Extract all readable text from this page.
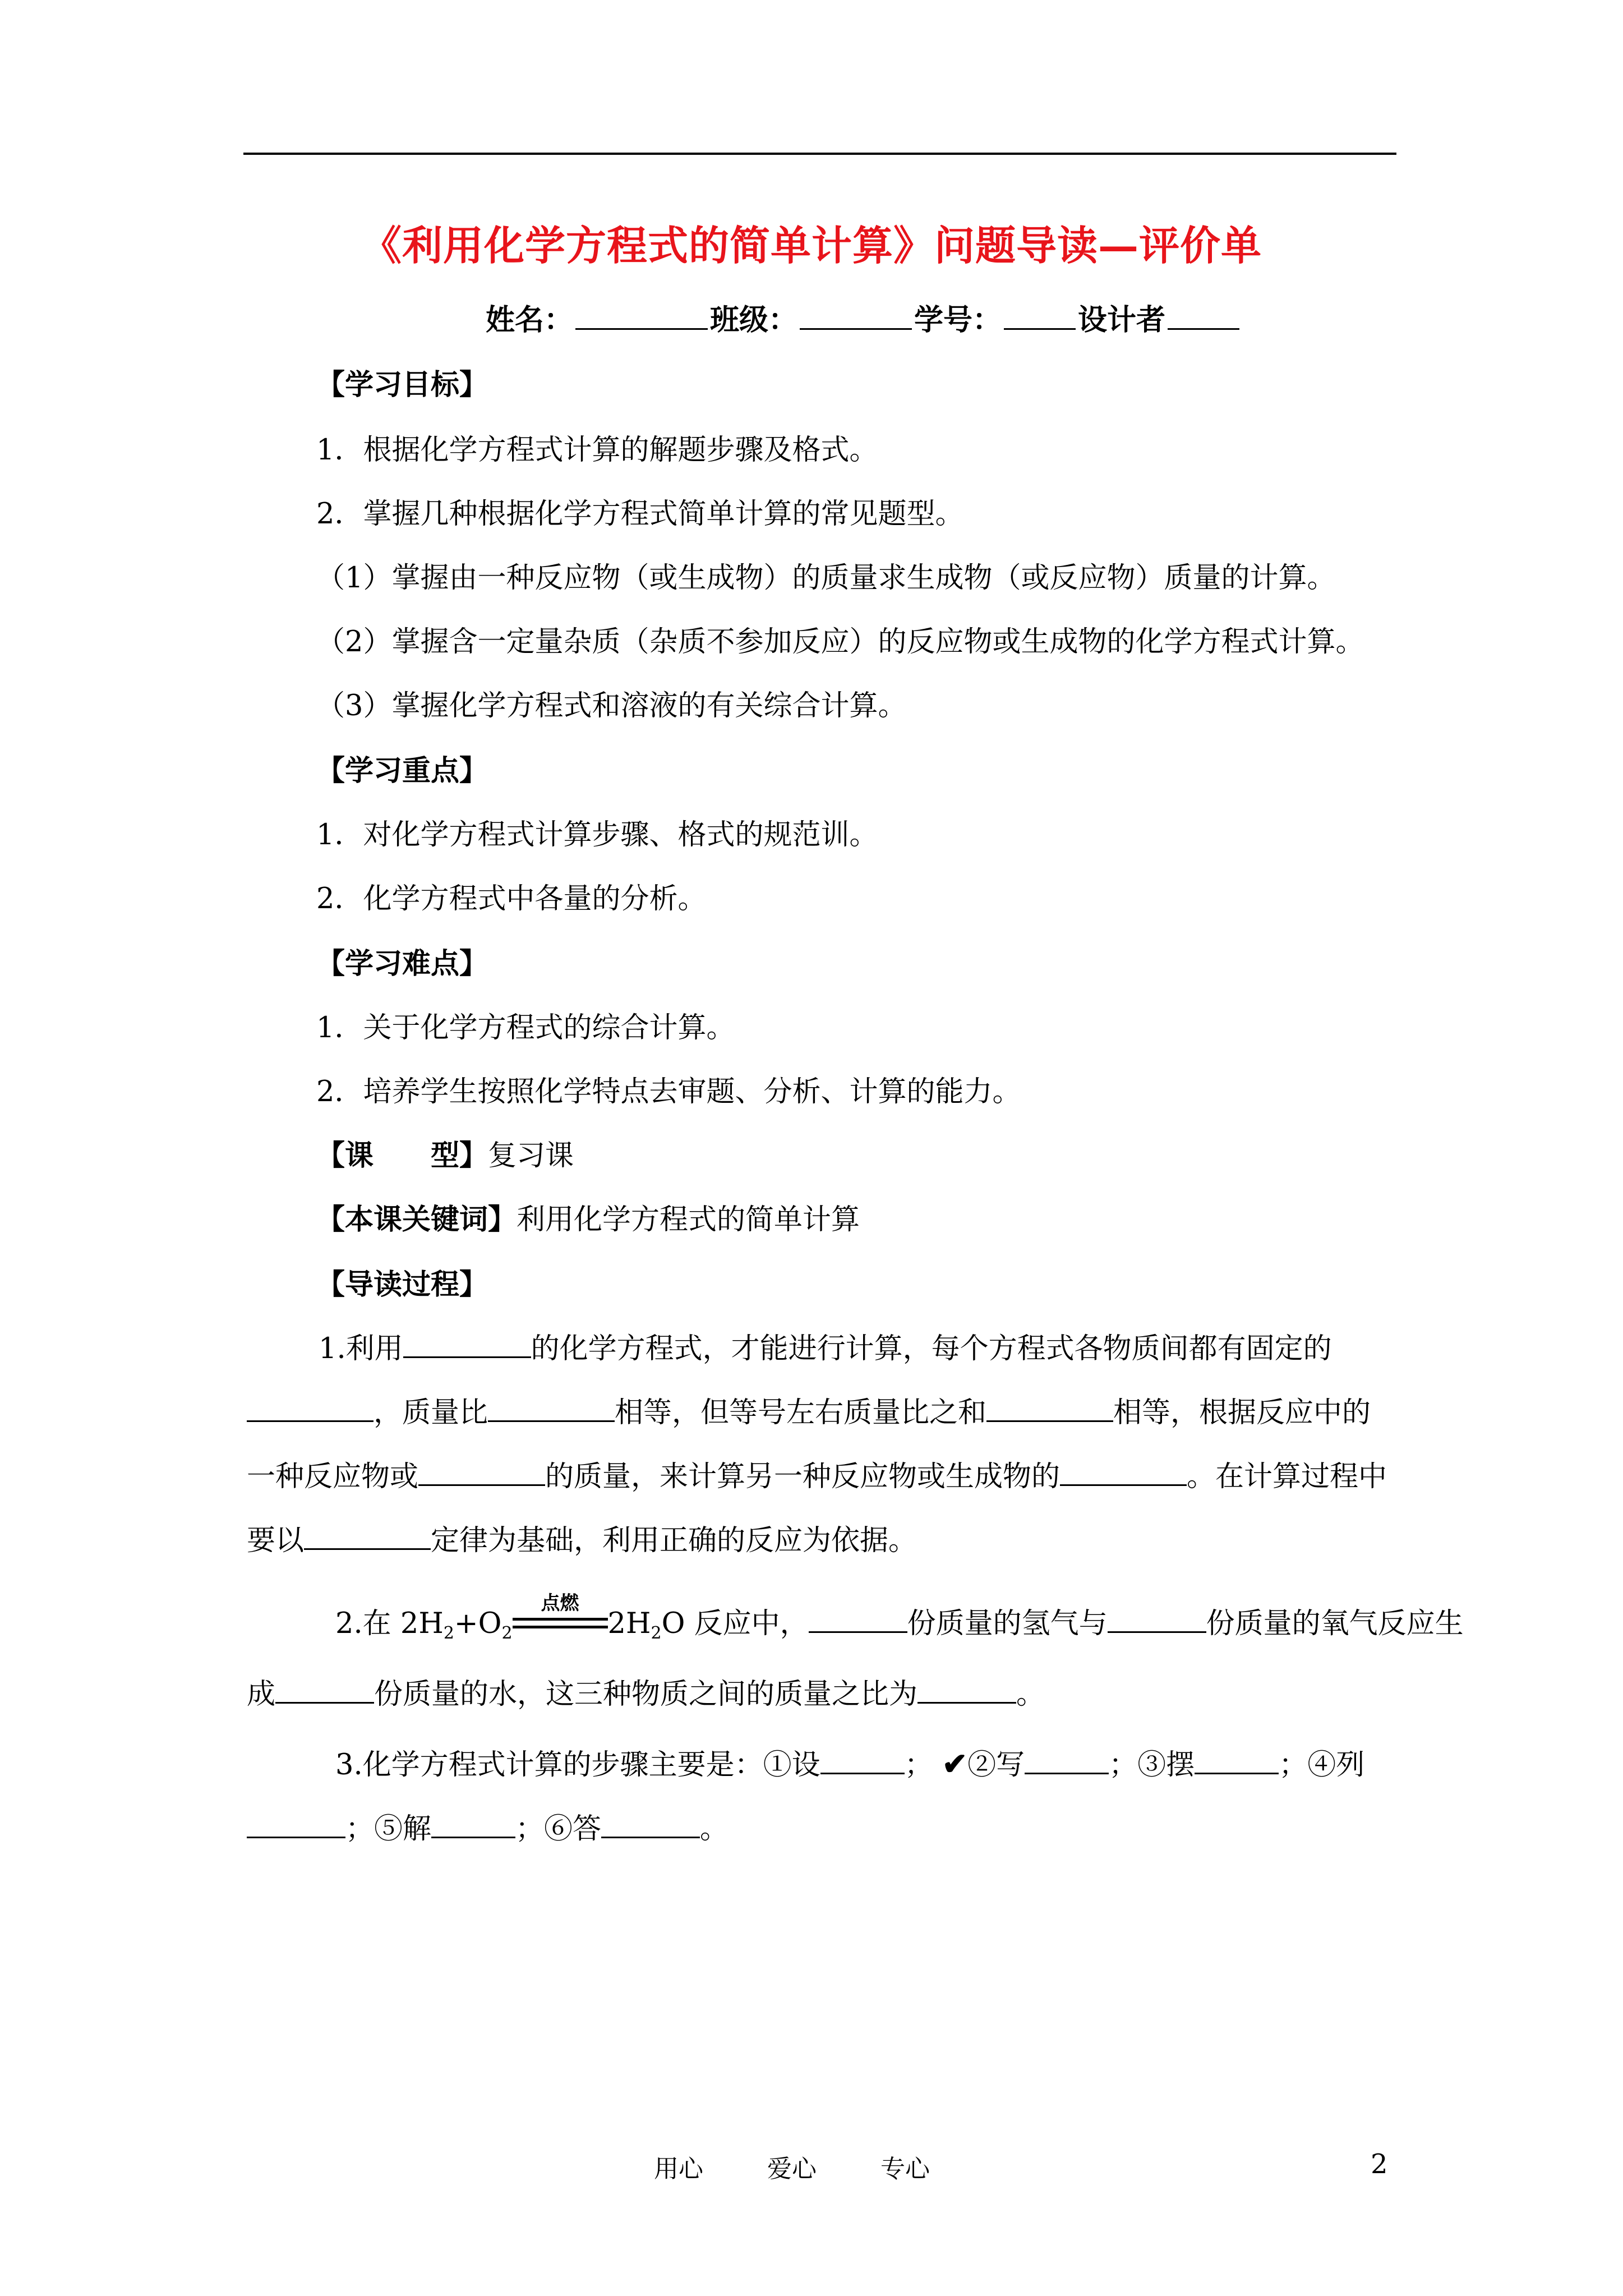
《利用化学方程式的简单计算》问题导读—评价单
姓名：	班级：	学号：	设计者
【学习目标】
1．根据化学方程式计算的解题步骤及格式。
2．掌握几种根据化学方程式简单计算的常见题型。
（1）掌握由一种反应物（或生成物）的质量求生成物（或反应物）质量的计算。
（2）掌握含一定量杂质（杂质不参加反应）的反应物或生成物的化学方程式计算。
（3）掌握化学方程式和溶液的有关综合计算。
【学习重点】
1．对化学方程式计算步骤、格式的规范训。
2．化学方程式中各量的分析。
【学习难点】
1．关于化学方程式的综合计算。
2．培养学生按照化学特点去审题、分析、计算的能力。
【课　　型】复习课
【本课关键词】利用化学方程式的简单计算
【导读过程】
1.利用	的化学方程式，才能进行计算，每个方程式各物质间都有固定的
，质量比	相等，但等号左右质量比之和	相等，根据反应中的
一种反应物或	的质量，来计算另一种反应物或生成物的	。在计算过程中
要以	定律为基础，利用正确的反应为依据。
2.在 $2H_2+O_2$
点燃
$2H_2O$ 反应中，	份质量的氢气与	份质量的氧气反应生
成	份质量的水，这三种物质之间的质量之比为	。
3.化学方程式计算的步骤主要是：①设	； ✔②写	；③摆	；④列
；⑤解	；⑥答	。
用心	爱心	专心	2
